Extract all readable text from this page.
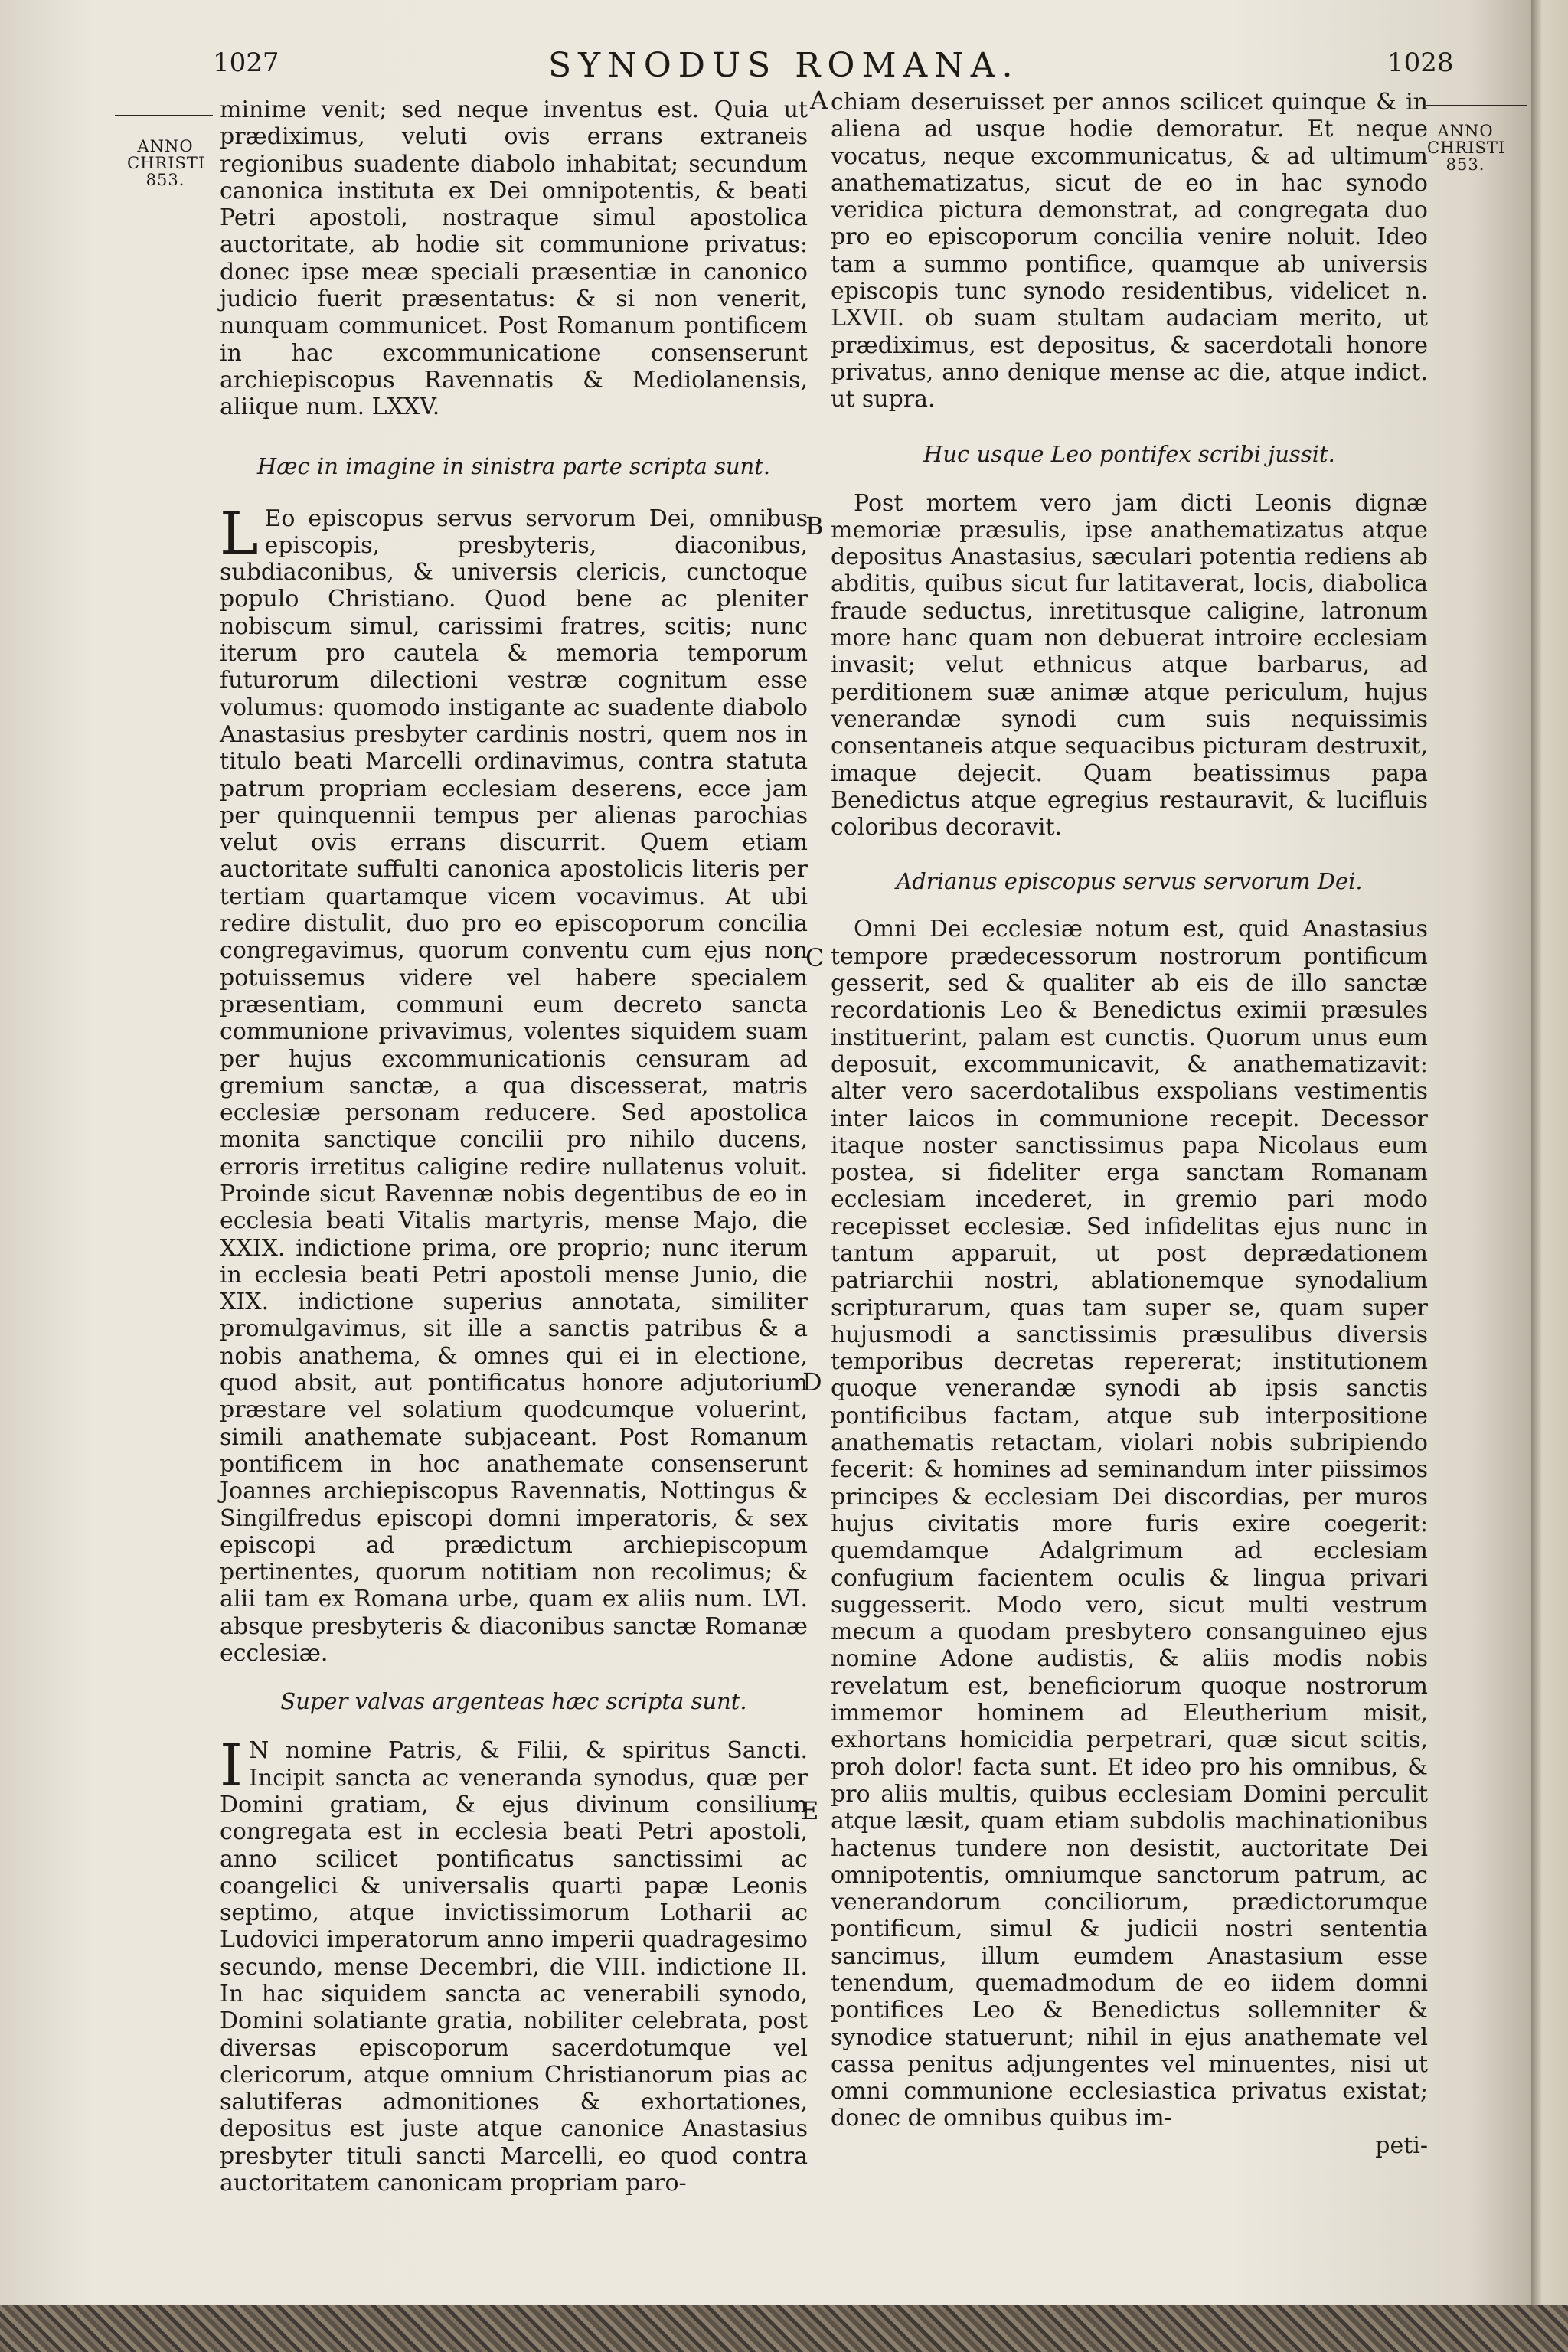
1027	SYNODUS ROMANA.	1028
ANNO
CHRISTI
853.
ANNO
CHRISTI
853.
A
B
C
D
E

minime venit; sed neque inventus est. Quia ut prædiximus, veluti ovis errans extraneis regionibus suadente diabolo inhabitat; secundum canonica instituta ex Dei omnipotentis, & beati Petri apostoli, nostraque simul apostolica auctoritate, ab hodie sit communione privatus: donec ipse meæ speciali præsentiæ in canonico judicio fuerit præsentatus: & si non venerit, nunquam communicet. Post Romanum pontificem in hac excommunicatione consenserunt archiepiscopus Ravennatis & Mediolanensis, aliique num. LXXV.

Hæc in imagine in sinistra parte scripta sunt.

L Eo episcopus servus servorum Dei, omnibus episcopis, presbyteris, diaconibus, subdiaconibus, & universis clericis, cunctoque populo Christiano. Quod bene ac pleniter nobiscum simul, carissimi fratres, scitis; nunc iterum pro cautela & memoria temporum futurorum dilectioni vestræ cognitum esse volumus: quomodo instigante ac suadente diabolo Anastasius presbyter cardinis nostri, quem nos in titulo beati Marcelli ordinavimus, contra statuta patrum propriam ecclesiam deserens, ecce jam per quinquennii tempus per alienas parochias velut ovis errans discurrit. Quem etiam auctoritate suffulti canonica apostolicis literis per tertiam quartamque vicem vocavimus. At ubi redire distulit, duo pro eo episcoporum concilia congregavimus, quorum conventu cum ejus non potuissemus videre vel habere specialem præsentiam, communi eum decreto sancta communione privavimus, volentes siquidem suam per hujus excommunicationis censuram ad gremium sanctæ, a qua discesserat, matris ecclesiæ personam reducere. Sed apostolica monita sanctique concilii pro nihilo ducens, erroris irretitus caligine redire nullatenus voluit. Proinde sicut Ravennæ nobis degentibus de eo in ecclesia beati Vitalis martyris, mense Majo, die XXIX. indictione prima, ore proprio; nunc iterum in ecclesia beati Petri apostoli mense Junio, die XIX. indictione superius annotata, similiter promulgavimus, sit ille a sanctis patribus & a nobis anathema, & omnes qui ei in electione, quod absit, aut pontificatus honore adjutorium præstare vel solatium quodcumque voluerint, simili anathemate subjaceant. Post Romanum pontificem in hoc anathemate consenserunt Joannes archiepiscopus Ravennatis, Nottingus & Singilfredus episcopi domni imperatoris, & sex episcopi ad prædictum archiepiscopum pertinentes, quorum notitiam non recolimus; & alii tam ex Romana urbe, quam ex aliis num. LVI. absque presbyteris & diaconibus sanctæ Romanæ ecclesiæ.

Super valvas argenteas hæc scripta sunt.

I N nomine Patris, & Filii, & spiritus Sancti. Incipit sancta ac veneranda synodus, quæ per Domini gratiam, & ejus divinum consilium congregata est in ecclesia beati Petri apostoli, anno scilicet pontificatus sanctissimi ac coangelici & universalis quarti papæ Leonis septimo, atque invictissimorum Lotharii ac Ludovici imperatorum anno imperii quadragesimo secundo, mense Decembri, die VIII. indictione II. In hac siquidem sancta ac venerabili synodo, Domini solatiante gratia, nobiliter celebrata, post diversas episcoporum sacerdotumque vel clericorum, atque omnium Christianorum pias ac salutiferas admonitiones & exhortationes, depositus est juste atque canonice Anastasius presbyter tituli sancti Marcelli, eo quod contra auctoritatem canonicam propriam paro-

chiam deseruisset per annos scilicet quinque & in aliena ad usque hodie demoratur. Et neque vocatus, neque excommunicatus, & ad ultimum anathematizatus, sicut de eo in hac synodo veridica pictura demonstrat, ad congregata duo pro eo episcoporum concilia venire noluit. Ideo tam a summo pontifice, quamque ab universis episcopis tunc synodo residentibus, videlicet n. LXVII. ob suam stultam audaciam merito, ut prædiximus, est depositus, & sacerdotali honore privatus, anno denique mense ac die, atque indict. ut supra.

Huc usque Leo pontifex scribi jussit.

Post mortem vero jam dicti Leonis dignæ memoriæ præsulis, ipse anathematizatus atque depositus Anastasius, sæculari potentia rediens ab abditis, quibus sicut fur latitaverat, locis, diabolica fraude seductus, inretitusque caligine, latronum more hanc quam non debuerat introire ecclesiam invasit; velut ethnicus atque barbarus, ad perditionem suæ animæ atque periculum, hujus venerandæ synodi cum suis nequissimis consentaneis atque sequacibus picturam destruxit, imaque dejecit. Quam beatissimus papa Benedictus atque egregius restauravit, & lucifluis coloribus decoravit.

Adrianus episcopus servus servorum Dei.

Omni Dei ecclesiæ notum est, quid Anastasius tempore prædecessorum nostrorum pontificum gesserit, sed & qualiter ab eis de illo sanctæ recordationis Leo & Benedictus eximii præsules instituerint, palam est cunctis. Quorum unus eum deposuit, excommunicavit, & anathematizavit: alter vero sacerdotalibus exspolians vestimentis inter laicos in communione recepit. Decessor itaque noster sanctissimus papa Nicolaus eum postea, si fideliter erga sanctam Romanam ecclesiam incederet, in gremio pari modo recepisset ecclesiæ. Sed infidelitas ejus nunc in tantum apparuit, ut post deprædationem patriarchii nostri, ablationemque synodalium scripturarum, quas tam super se, quam super hujusmodi a sanctissimis præsulibus diversis temporibus decretas repererat; institutionem quoque venerandæ synodi ab ipsis sanctis pontificibus factam, atque sub interpositione anathematis retactam, violari nobis subripiendo fecerit: & homines ad seminandum inter piissimos principes & ecclesiam Dei discordias, per muros hujus civitatis more furis exire coegerit: quemdamque Adalgrimum ad ecclesiam confugium facientem oculis & lingua privari suggesserit. Modo vero, sicut multi vestrum mecum a quodam presbytero consanguineo ejus nomine Adone audistis, & aliis modis nobis revelatum est, beneficiorum quoque nostrorum immemor hominem ad Eleutherium misit, exhortans homicidia perpetrari, quæ sicut scitis, proh dolor! facta sunt. Et ideo pro his omnibus, & pro aliis multis, quibus ecclesiam Domini perculit atque læsit, quam etiam subdolis machinationibus hactenus tundere non desistit, auctoritate Dei omnipotentis, omniumque sanctorum patrum, ac venerandorum conciliorum, prædictorumque pontificum, simul & judicii nostri sententia sancimus, illum eumdem Anastasium esse tenendum, quemadmodum de eo iidem domni pontifices Leo & Benedictus sollemniter & synodice statuerunt; nihil in ejus anathemate vel cassa penitus adjungentes vel minuentes, nisi ut omni communione ecclesiastica privatus existat; donec de omnibus quibus im-

peti-
